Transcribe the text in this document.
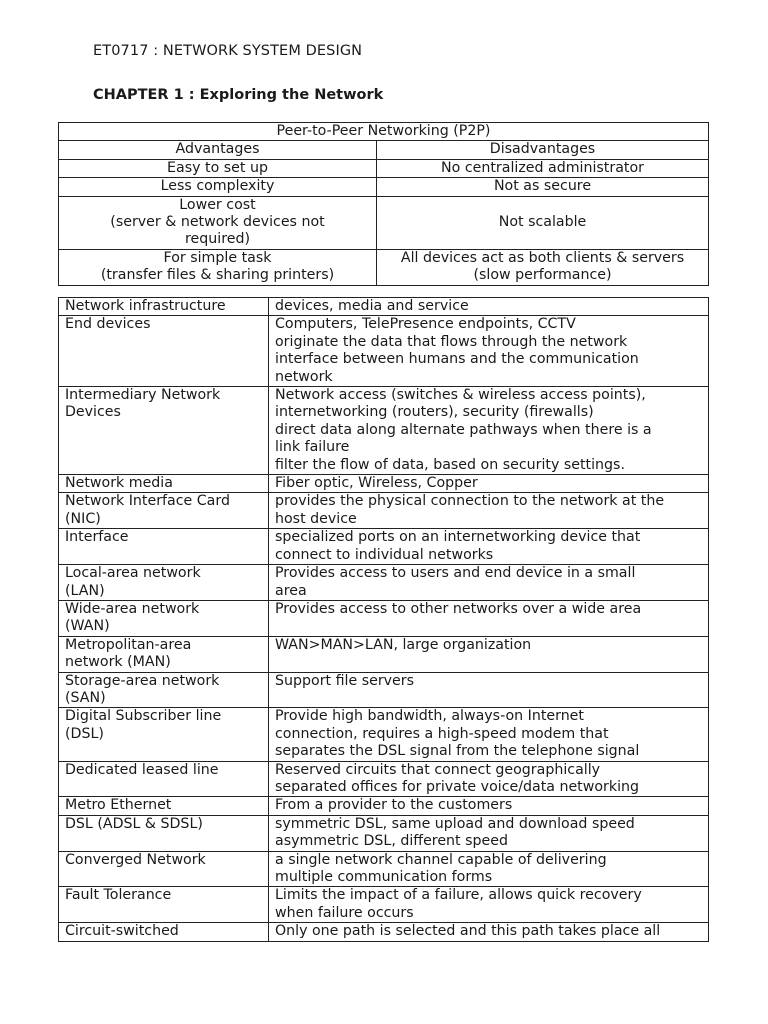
ET0717 : NETWORK SYSTEM DESIGN
CHAPTER 1 : Exploring the Network
Peer-to-Peer Networking (P2P)	
Advantages	Disadvantages

Easy to set up	No centralized administrator

Less complexity	Not as secure

Lower cost
(server & network devices not
required)	Not scalable

For simple task
(transfer files & sharing printers)	All devices act as both clients & servers
(slow performance)
Network infrastructure	devices, media and service

End devices	Computers, TelePresence endpoints, CCTV
originate the data that flows through the network
interface between humans and the communication
network

Intermediary Network
Devices	Network access (switches & wireless access points),
internetworking (routers), security (firewalls)
direct data along alternate pathways when there is a
link failure
filter the flow of data, based on security settings.

Network media	Fiber optic, Wireless, Copper

Network Interface Card
(NIC)	provides the physical connection to the network at the
host device

Interface	specialized ports on an internetworking device that
connect to individual networks

Local-area network
(LAN)	Provides access to users and end device in a small
area

Wide-area network
(WAN)	Provides access to other networks over a wide area

Metropolitan-area
network (MAN)	WAN>MAN>LAN, large organization

Storage-area network
(SAN)	Support file servers

Digital Subscriber line
(DSL)	Provide high bandwidth, always-on Internet
connection, requires a high-speed modem that
separates the DSL signal from the telephone signal

Dedicated leased line	Reserved circuits that connect geographically
separated offices for private voice/data networking

Metro Ethernet	From a provider to the customers

DSL (ADSL & SDSL)	symmetric DSL, same upload and download speed
asymmetric DSL, different speed

Converged Network	a single network channel capable of delivering
multiple communication forms

Fault Tolerance	Limits the impact of a failure, allows quick recovery
when failure occurs

Circuit-switched	Only one path is selected and this path takes place all
